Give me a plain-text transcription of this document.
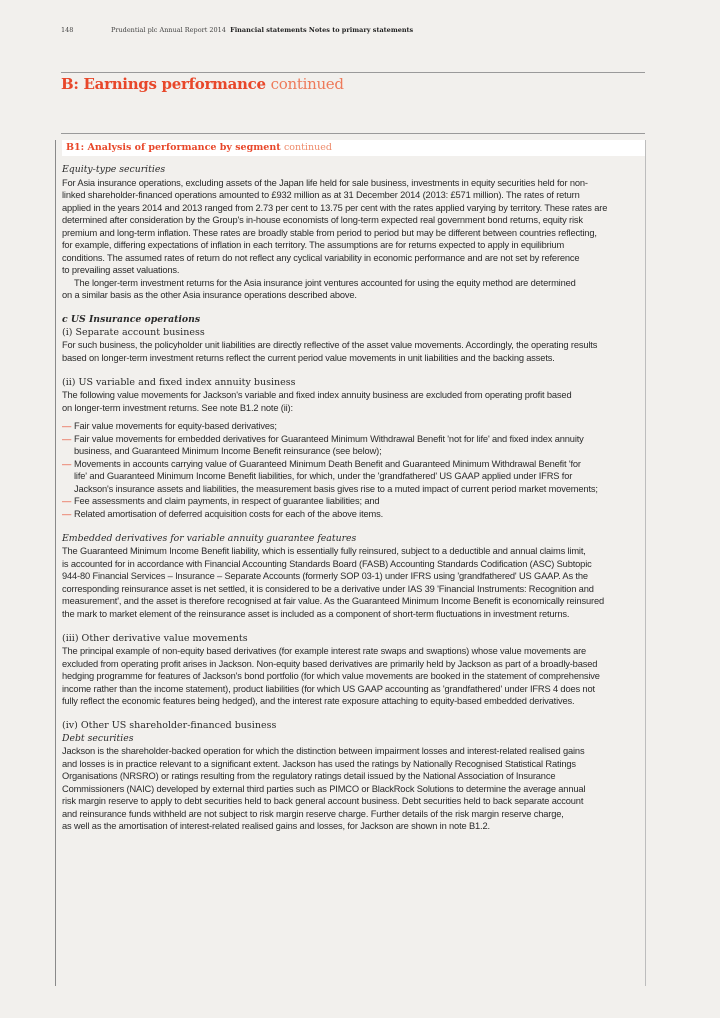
148	Prudential plc Annual Report 2014 Financial statements Notes to primary statements
B: Earnings performance continued
B1: Analysis of performance by segment continued
Equity-type securities
For Asia insurance operations, excluding assets of the Japan life held for sale business, investments in equity securities held for non-
linked shareholder-financed operations amounted to £932 million as at 31 December 2014 (2013: £571 million). The rates of return
applied in the years 2014 and 2013 ranged from 2.73 per cent to 13.75 per cent with the rates applied varying by territory. These rates are
determined after consideration by the Group's in-house economists of long-term expected real government bond returns, equity risk
premium and long-term inflation. These rates are broadly stable from period to period but may be different between countries reflecting,
for example, differing expectations of inflation in each territory. The assumptions are for returns expected to apply in equilibrium
conditions. The assumed rates of return do not reflect any cyclical variability in economic performance and are not set by reference
to prevailing asset valuations.
The longer-term investment returns for the Asia insurance joint ventures accounted for using the equity method are determined
on a similar basis as the other Asia insurance operations described above.
c US Insurance operations
(i) Separate account business
For such business, the policyholder unit liabilities are directly reflective of the asset value movements. Accordingly, the operating results
based on longer-term investment returns reflect the current period value movements in unit liabilities and the backing assets.
(ii) US variable and fixed index annuity business
The following value movements for Jackson's variable and fixed index annuity business are excluded from operating profit based
on longer-term investment returns. See note B1.2 note (ii):
— Fair value movements for equity-based derivatives;
— Fair value movements for embedded derivatives for Guaranteed Minimum Withdrawal Benefit 'not for life' and fixed index annuity
business, and Guaranteed Minimum Income Benefit reinsurance (see below);
— Movements in accounts carrying value of Guaranteed Minimum Death Benefit and Guaranteed Minimum Withdrawal Benefit 'for
life' and Guaranteed Minimum Income Benefit liabilities, for which, under the 'grandfathered' US GAAP applied under IFRS for
Jackson's insurance assets and liabilities, the measurement basis gives rise to a muted impact of current period market movements;
— Fee assessments and claim payments, in respect of guarantee liabilities; and
— Related amortisation of deferred acquisition costs for each of the above items.
Embedded derivatives for variable annuity guarantee features
The Guaranteed Minimum Income Benefit liability, which is essentially fully reinsured, subject to a deductible and annual claims limit,
is accounted for in accordance with Financial Accounting Standards Board (FASB) Accounting Standards Codification (ASC) Subtopic
944-80 Financial Services – Insurance – Separate Accounts (formerly SOP 03-1) under IFRS using 'grandfathered' US GAAP. As the
corresponding reinsurance asset is net settled, it is considered to be a derivative under IAS 39 'Financial Instruments: Recognition and
measurement', and the asset is therefore recognised at fair value. As the Guaranteed Minimum Income Benefit is economically reinsured
the mark to market element of the reinsurance asset is included as a component of short-term fluctuations in investment returns.
(iii) Other derivative value movements
The principal example of non-equity based derivatives (for example interest rate swaps and swaptions) whose value movements are
excluded from operating profit arises in Jackson. Non-equity based derivatives are primarily held by Jackson as part of a broadly-based
hedging programme for features of Jackson's bond portfolio (for which value movements are booked in the statement of comprehensive
income rather than the income statement), product liabilities (for which US GAAP accounting as 'grandfathered' under IFRS 4 does not
fully reflect the economic features being hedged), and the interest rate exposure attaching to equity-based embedded derivatives.
(iv) Other US shareholder-financed business
Debt securities
Jackson is the shareholder-backed operation for which the distinction between impairment losses and interest-related realised gains
and losses is in practice relevant to a significant extent. Jackson has used the ratings by Nationally Recognised Statistical Ratings
Organisations (NRSRO) or ratings resulting from the regulatory ratings detail issued by the National Association of Insurance
Commissioners (NAIC) developed by external third parties such as PIMCO or BlackRock Solutions to determine the average annual
risk margin reserve to apply to debt securities held to back general account business. Debt securities held to back separate account
and reinsurance funds withheld are not subject to risk margin reserve charge. Further details of the risk margin reserve charge,
as well as the amortisation of interest-related realised gains and losses, for Jackson are shown in note B1.2.
